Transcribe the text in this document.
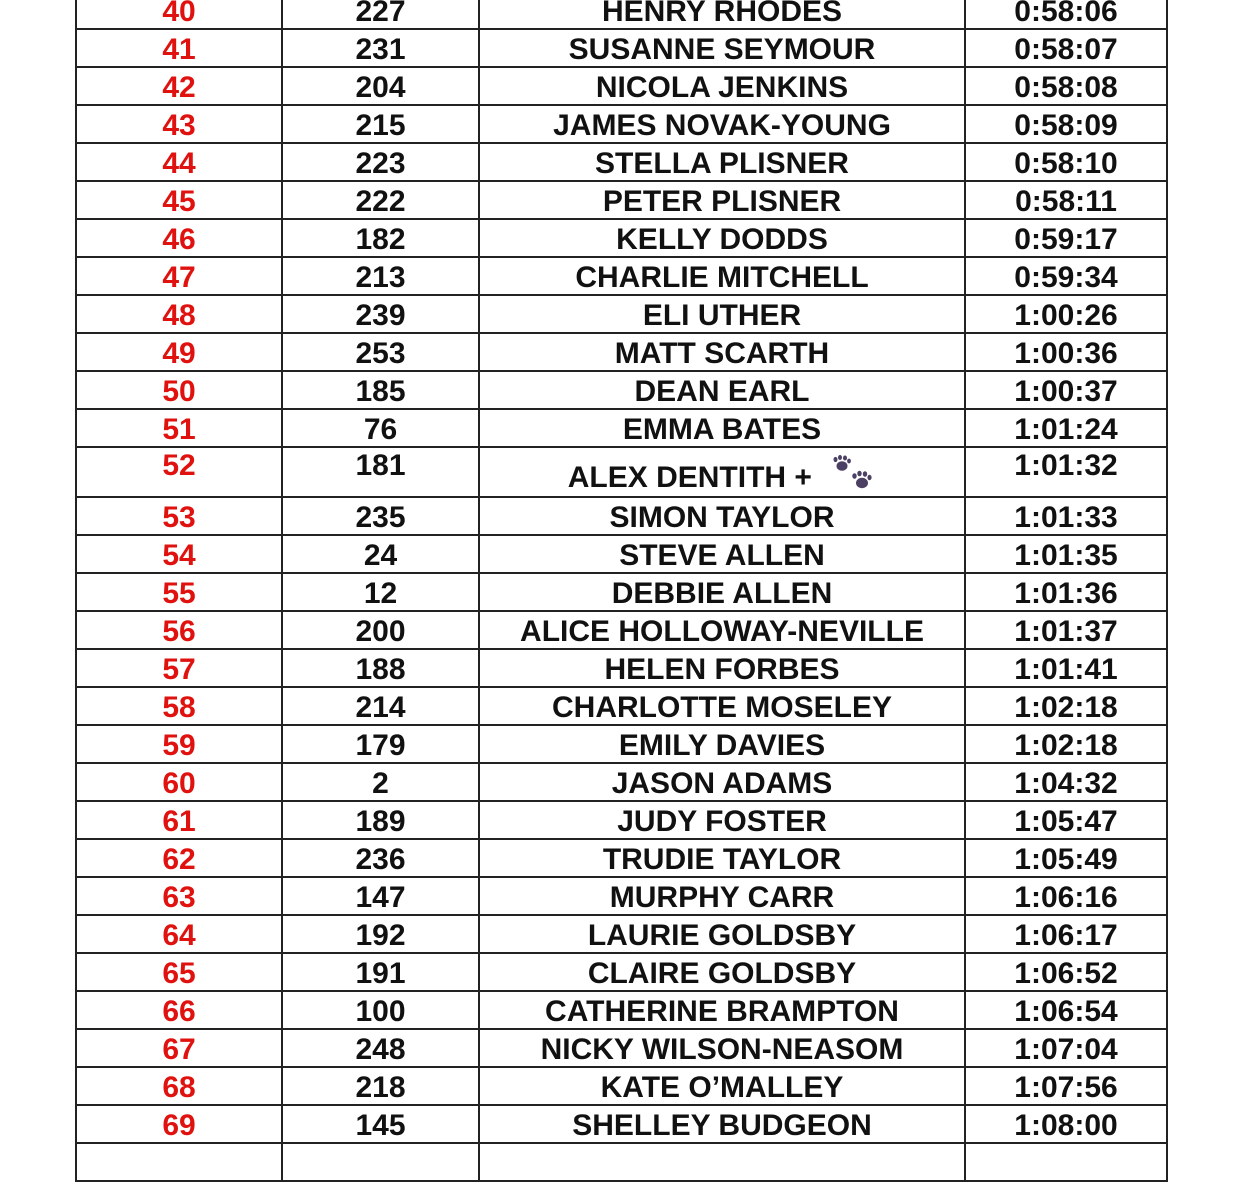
40	227	HENRY RHODES	0:58:06
41	231	SUSANNE SEYMOUR	0:58:07
42	204	NICOLA JENKINS	0:58:08
43	215	JAMES NOVAK-YOUNG	0:58:09
44	223	STELLA PLISNER	0:58:10
45	222	PETER PLISNER	0:58:11
46	182	KELLY DODDS	0:59:17
47	213	CHARLIE MITCHELL	0:59:34
48	239	ELI UTHER	1:00:26
49	253	MATT SCARTH	1:00:36
50	185	DEAN EARL	1:00:37
51	76	EMMA BATES	1:01:24
52	181	ALEX DENTITH +	1:01:32
53	235	SIMON TAYLOR	1:01:33
54	24	STEVE ALLEN	1:01:35
55	12	DEBBIE ALLEN	1:01:36
56	200	ALICE HOLLOWAY-NEVILLE	1:01:37
57	188	HELEN FORBES	1:01:41
58	214	CHARLOTTE MOSELEY	1:02:18
59	179	EMILY DAVIES	1:02:18
60	2	JASON ADAMS	1:04:32
61	189	JUDY FOSTER	1:05:47
62	236	TRUDIE TAYLOR	1:05:49
63	147	MURPHY CARR	1:06:16
64	192	LAURIE GOLDSBY	1:06:17
65	191	CLAIRE GOLDSBY	1:06:52
66	100	CATHERINE BRAMPTON	1:06:54
67	248	NICKY WILSON-NEASOM	1:07:04
68	218	KATE O’MALLEY	1:07:56
69	145	SHELLEY BUDGEON	1:08:00
